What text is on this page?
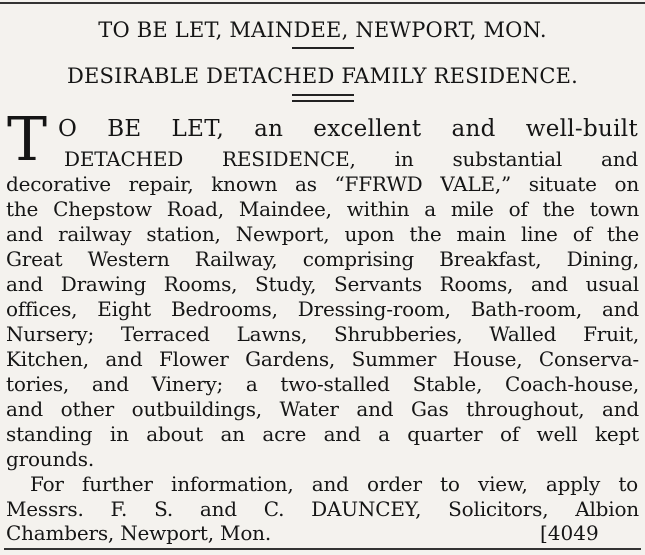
TO BE LET, MAINDEE, NEWPORT, MON.
DESIRABLE DETACHED FAMILY RESIDENCE.
T O BE LET, an excellent and well-built
DETACHED RESIDENCE, in substantial and
decorative repair, known as “FFRWD VALE,” situate on
the Chepstow Road, Maindee, within a mile of the town
and railway station, Newport, upon the main line of the
Great Western Railway, comprising Breakfast, Dining,
and Drawing Rooms, Study, Servants Rooms, and usual
offices, Eight Bedrooms, Dressing-room, Bath-room, and
Nursery; Terraced Lawns, Shrubberies, Walled Fruit,
Kitchen, and Flower Gardens, Summer House, Conserva-
tories, and Vinery; a two-stalled Stable, Coach-house,
and other outbuildings, Water and Gas throughout, and
standing in about an acre and a quarter of well kept
grounds.
For further information, and order to view, apply to
Messrs. F. S. and C. DAUNCEY, Solicitors, Albion
Chambers, Newport, Mon.	[4049
